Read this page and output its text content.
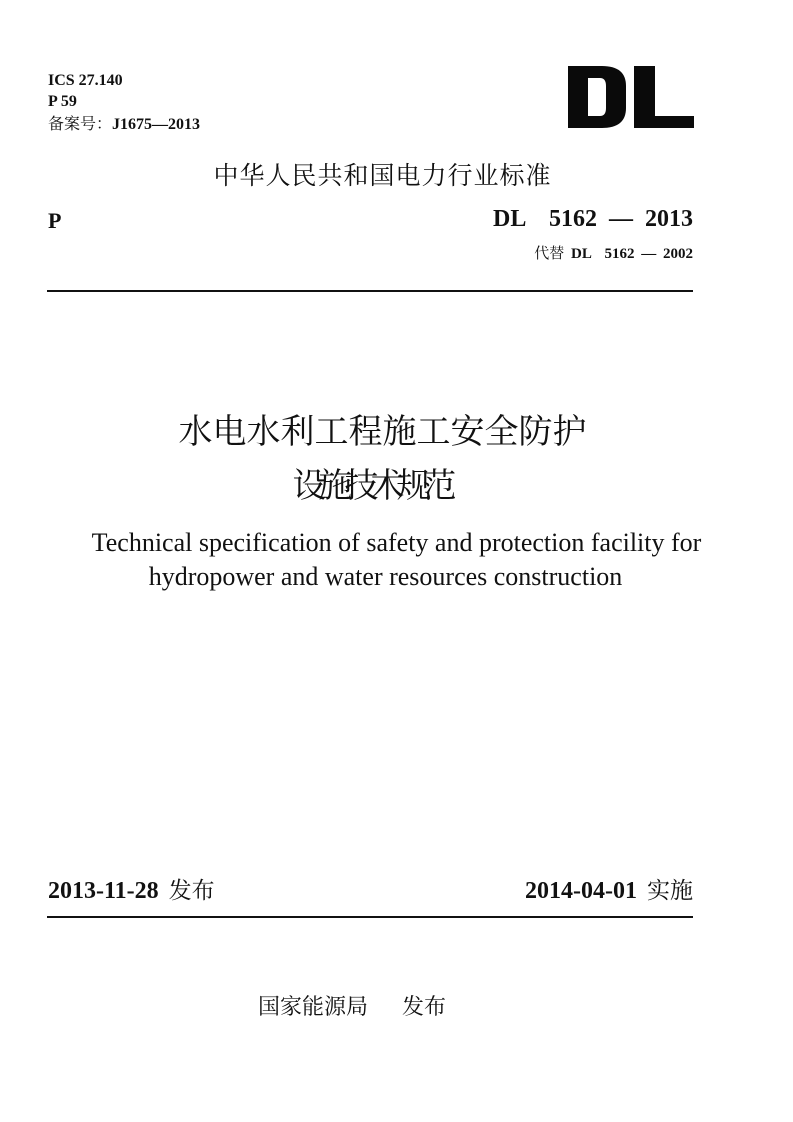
ICS 27.140
P 59
备案号：J1675—2013
中华人民共和国电力行业标准
P	DL  5162 — 2013
代替 DL  5162 — 2002
水电水利工程施工安全防护
设施技术规范
Technical specification of safety and protection facility for
hydropower and water resources construction
2013-11-28 发布	2014-04-01 实施
国家能源局 发布
